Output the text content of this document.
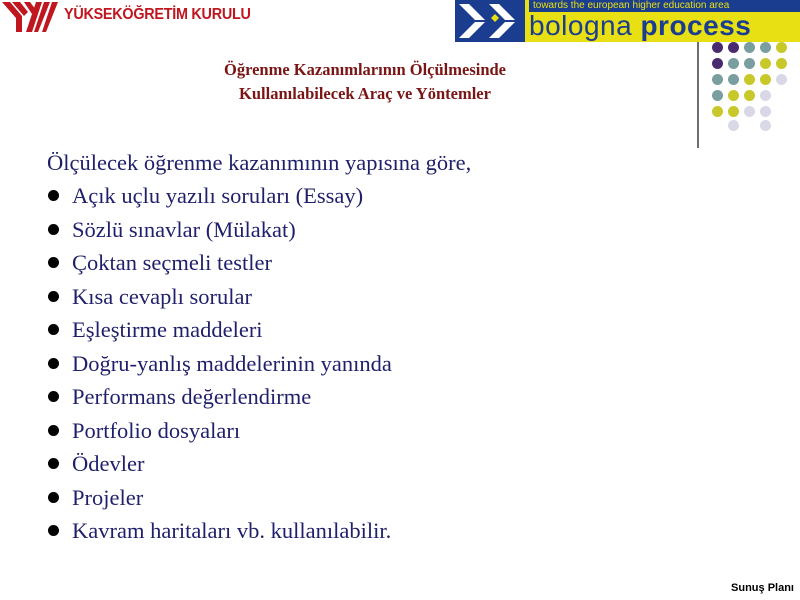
YÜKSEKÖĞRETİM KURULU
towards the european higher education area
bologna process
Öğrenme Kazanımlarının Ölçülmesinde
Kullanılabilecek Araç ve Yöntemler
Ölçülecek öğrenme kazanımının yapısına göre,
Açık uçlu yazılı soruları (Essay)
Sözlü sınavlar (Mülakat)
Çoktan seçmeli testler
Kısa cevaplı sorular
Eşleştirme maddeleri
Doğru-yanlış maddelerinin yanında
Performans değerlendirme
Portfolio dosyaları
Ödevler
Projeler
Kavram haritaları vb. kullanılabilir.
Sunuş Planı
